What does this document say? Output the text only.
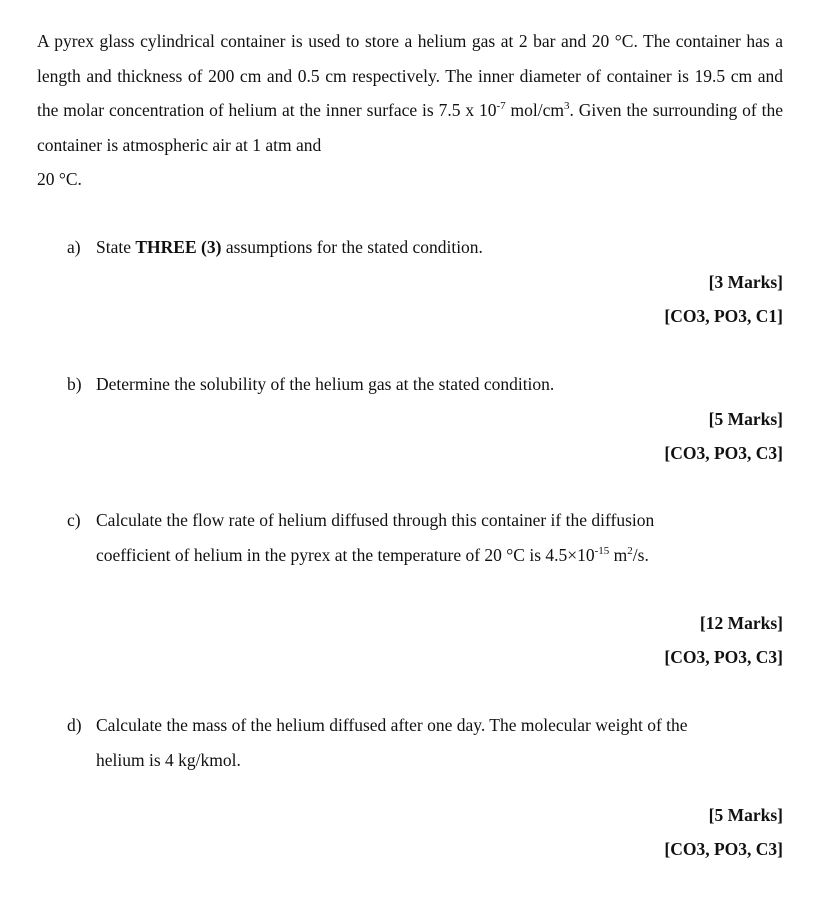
A pyrex glass cylindrical container is used to store a helium gas at 2 bar and 20 °C. The container has a length and thickness of 200 cm and 0.5 cm respectively. The inner diameter of container is 19.5 cm and the molar concentration of helium at the inner surface is 7.5 x $10^{-7}$ mol/$cm^3$. Given the surrounding of the container is atmospheric air at 1 atm and
20 °C.
a) State THREE (3) assumptions for the stated condition.
[3 Marks]
[CO3, PO3, C1]
b) Determine the solubility of the helium gas at the stated condition.
[5 Marks]
[CO3, PO3, C3]
c) Calculate the flow rate of helium diffused through this container if the diffusion
coefficient of helium in the pyrex at the temperature of 20 °C is $4.5\times 10^{-15}$ $m^2/s$.
[12 Marks]
[CO3, PO3, C3]
d) Calculate the mass of the helium diffused after one day. The molecular weight of the
helium is 4 kg/kmol.
[5 Marks]
[CO3, PO3, C3]
